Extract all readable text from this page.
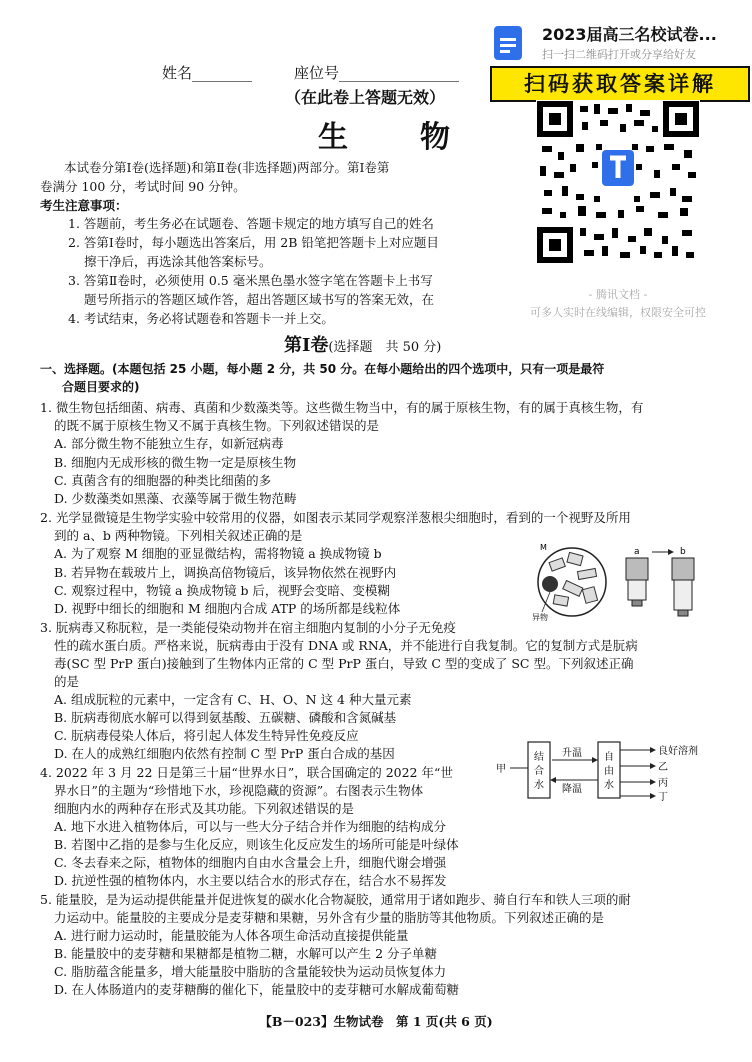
姓名________	座位号________________
（在此卷上答题无效）
生　　物
本试卷分第Ⅰ卷(选择题)和第Ⅱ卷(非选择题)两部分。第Ⅰ卷第
卷满分 100 分，考试时间 90 分钟。
考生注意事项：
1. 答题前，考生务必在试题卷、答题卡规定的地方填写自己的姓名
2. 答第Ⅰ卷时，每小题选出答案后，用 2B 铅笔把答题卡上对应题目
擦干净后，再选涂其他答案标号。
3. 答第Ⅱ卷时，必须使用 0.5 毫米黑色墨水签字笔在答题卡上书写
题号所指示的答题区域作答，超出答题区域书写的答案无效，在
4. 考试结束，务必将试题卷和答题卡一并上交。
2023届高三名校试卷...
扫一扫二维码打开或分享给好友
扫码获取答案详解
- 腾讯文档 -
可多人实时在线编辑，权限安全可控
第Ⅰ卷(选择题　共 50 分)
一、选择题。(本题包括 25 小题，每小题 2 分，共 50 分。在每小题给出的四个选项中，只有一项是最符
合题目要求的)
1. 微生物包括细菌、病毒、真菌和少数藻类等。这些微生物当中，有的属于原核生物，有的属于真核生物，有
的既不属于原核生物又不属于真核生物。下列叙述错误的是
A. 部分微生物不能独立生存，如新冠病毒
B. 细胞内无成形核的微生物一定是原核生物
C. 真菌含有的细胞器的种类比细菌的多
D. 少数藻类如黑藻、衣藻等属于微生物范畴
2. 光学显微镜是生物学实验中较常用的仪器，如图表示某同学观察洋葱根尖细胞时，看到的一个视野及所用
到的 a、b 两种物镜。下列相关叙述正确的是
A. 为了观察 M 细胞的亚显微结构，需将物镜 a 换成物镜 b
B. 若异物在载玻片上，调换高倍物镜后，该异物依然在视野内
C. 观察过程中，物镜 a 换成物镜 b 后，视野会变暗、变模糊
D. 视野中细长的细胞和 M 细胞内合成 ATP 的场所都是线粒体
M
异物
a	b
3. 朊病毒又称朊粒，是一类能侵染动物并在宿主细胞内复制的小分子无免疫
性的疏水蛋白质。严格来说，朊病毒由于没有 DNA 或 RNA，并不能进行自我复制。它的复制方式是朊病
毒(SC 型 PrP 蛋白)接触到了生物体内正常的 C 型 PrP 蛋白，导致 C 型的变成了 SC 型。下列叙述正确
的是
A. 组成朊粒的元素中，一定含有 C、H、O、N 这 4 种大量元素
B. 朊病毒彻底水解可以得到氨基酸、五碳糖、磷酸和含氮碱基
C. 朊病毒侵染人体后，将引起人体发生特异性免疫反应
D. 在人的成熟红细胞内依然有控制 C 型 PrP 蛋白合成的基因
4. 2022 年 3 月 22 日是第三十届“世界水日”，联合国确定的 2022 年“世
界水日”的主题为“珍惜地下水，珍视隐藏的资源”。右图表示生物体
细胞内水的两种存在形式及其功能。下列叙述错误的是
A. 地下水进入植物体后，可以与一些大分子结合并作为细胞的结构成分
B. 若图中乙指的是参与生化反应，则该生化反应发生的场所可能是叶绿体
C. 冬去春来之际，植物体的细胞内自由水含量会上升，细胞代谢会增强
D. 抗逆性强的植物体内，水主要以结合水的形式存在，结合水不易挥发
甲
结
合
水
升温
降温
自
由
水
良好溶剂
乙
丙
丁
5. 能量胶，是为运动提供能量并促进恢复的碳水化合物凝胶，通常用于诸如跑步、骑自行车和铁人三项的耐
力运动中。能量胶的主要成分是麦芽糖和果糖，另外含有少量的脂肪等其他物质。下列叙述正确的是
A. 进行耐力运动时，能量胶能为人体各项生命活动直接提供能量
B. 能量胶中的麦芽糖和果糖都是植物二糖，水解可以产生 2 分子单糖
C. 脂肪蕴含能量多，增大能量胶中脂肪的含量能较快为运动员恢复体力
D. 在人体肠道内的麦芽糖酶的催化下，能量胶中的麦芽糖可水解成葡萄糖
【B－023】生物试卷　第 1 页(共 6 页)
